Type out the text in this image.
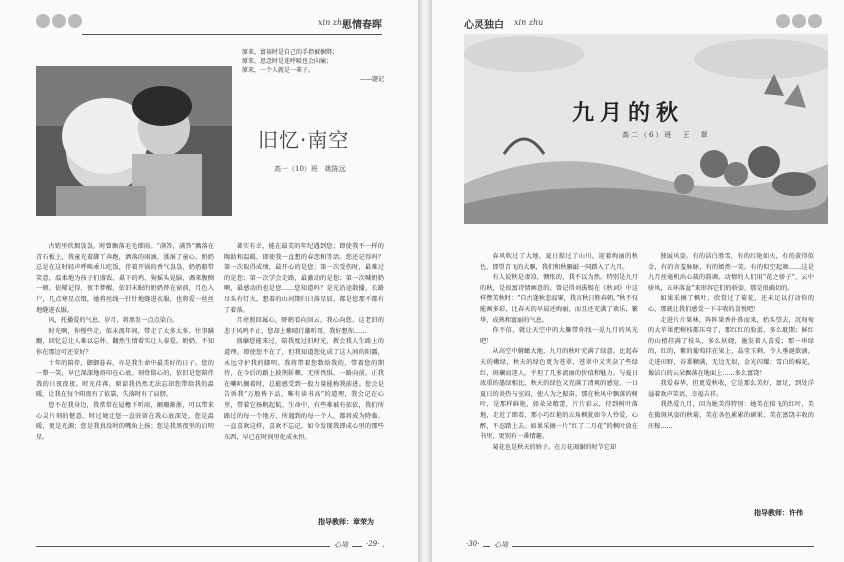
xin zhu
思情春晖
原来，富裕时是自己的手指被捆绑；
原来，思念时是连呼吸也会向痛；
原来，一个人就是一辈子。
——题记
旧忆·南空
高一（10）班　姚陈远

古销里炊烟袅袅，时曾飘落毛毛细雨。“满答，满答”溅落在青石板上，我童光着脚丫奔跑，洒落的雨滴，涨湿了童心。奶奶总是在这时轻声呼唤乖儿吃饭，伴着开锅的香气袅袅，奶奶船带笑意，温柔地为孩子们盛饭。桌下的鸡、狗摇头晃脑，调来腹侧一顿。依稀记得，夜半梦醒，依旧未眠的奶奶替在窗前，月色入户，几点寒星点缀，她将丝线一针针地缝进衣服，也将爱一丝丝地缝进衣服。

风，托播爱的气息，岁月，将黑发一点点染白。

时光啊，你慢些走，似未流年间，带走了太多太多。往事蹒跚，回忆总让人难以忘怀，翻然生情着实让人泰爱。奶奶，不知你在那边可还安好？

十年的陪伴，御御暮春，亦是我生命中最美好的日子。您的一颦一笑，早已深深地烙印在心底。刻骨铭心的，依旧是您陪伴我的日夜夜夜。时光荏苒，原谅我仍然无法忘却您带给我的温暖，让我在每个阳夜有了依靠，失落时有了肩膀。

您不在我身边，我常常在屋檐下听雨，阑珊渐浙，可以带来心灵片刻的惬意。时过境迁您一直驻留在我心底深处，您是温暖，更是光源；您是我真没时的嘴角上扬；您是我黑夜里的启明星。

著实有幸，能在最美的年纪遇到您；即使我不一样的陶助和温暖，即使我一直想的春恋和等活。您还记得吗？第一次取得成绩，最开心的是您；第一次受伤时，最难过的是您；第一次学会走路，最激动的是您；第一次喊奶奶啊，最感动的也是您……您知道吗？是光沿途散播，长路尽头有灯火。想着的山河期归日落星辰，都是您那不都有了着落。

月亮照回属心，野鹤看向回云，我心向您。这老旧的悲于风鸣不止，您却上紫晴行潮听哥，我好想你……

盛蘼您能来过，陪我度过旧时光，教会我人生路上的道理。即使您不在了，但我知道您化成了这人间的阳露，永远守护我的脚明。我将带着您数给我的，带着您的期待，在今后的路上披荆斩棘，无所畏惧，一路向前。正我在喇叭搁着时，总能感受到一股力量能梅我前进。您会是告诉我“万般皆下品，唯有读书高”的道理，我会记在心里，带着它扬帆起航。生命中，有些难被有依依，我们所路过的每一个地方，所遇到的每一个人，都将成为降临。一直喜欢这样，喜欢不忘记，如今发现我即成心里的那些东西，早已在时间里化成永恒。

指导教师：章荣为
心境	·29·
心灵独白 xin zhu
九月的秋
高二（6）班　王　翠

春风吹过了大地，夏日掠过了山川。迎着绚丽的秋色，即望青飞的大雁，我们和秋雁敲一同踏入了九月。

有人说秋是凄凉，惆怅的，我不以为然。特别是九月的秋，是很富诗情画意的。曾记得刘禹锡在《秋词》中这样赞美秋时：“自古逢秋悲寂寥，我言秋日胜春朝。”秋不仅能画多彩，比春天的早晨还绚丽，而且还充满了欢乐，繁华，成熟和富丽的气息。

你不信，就让天空中的大雁带你找一觅九月的风光吧！

从高空中俯瞰大地，九月的秋叶充满了绿意。比起春天的嫩绿，秋天的绿色更为苍翠，苍翠中又夹杂了些绿红，斑斓而迷人。平坦了几多流丽的价值和魅力。与夏日浓重的墨绿相比，秋天的绿色又充满了清爽的感觉，一日夏日的炎热与室闷，使人为之振奋。那在秋风中飘落的树叶，是那样鲜艳，如朵朵精蕾，片片彩云，待到树叶落地，走近了细看，那小巧红艳的五角枫犹如今人怜爱，心醉，不忍踏上去。如果采摘一片“红了二月花”的枫叶放在书里，更别有一番情趣。

菊花也是秋天的娇子。在万花凋谢的时节它却

独展风姿。有的洁白胜雪，有的红艳如火，有的黄得似金，有的含羞脉脉，有的嫣然一笑。有的似空起舞……这是九月丝毫机出心裁的韵调。动情的人们用“花之骄子”、云中骄凤，五环落盆”来形容它们的骄姿，那是很确切的。

如果采摘了枫叶，欣赏过了菊花，还未足以打动你的心，那就让我们感受一下丰收的喜悦吧！

走进片片果林，阵阵果香扑鼻而来，抬头望去，沉甸甸的大苹果把树枝都压弯了，那红红的脸蛋，多么耽期；鲜红的山楂挂满了枝头，多么妖娆，施发着人喜爱；那一串绿的，红的，紫的葡萄挂在果上，晶莹玉剩，令人垂涎欲滴。走进田野，谷黍颗满，无边无垠，金光闪耀；雪白的棉花，像洁白的云朵飘落在地面上……多么富饶！

我爱春华，但更爱秋收，它是那么美好，富足，到处洋溢着欢声笑语，幸福吉祥。

我热爱九月，因为她美得特别：她美在掠飞的红叶，美在傲斑风姿的秋菊，美在各色累累的硕果，美在富饶丰收的庄稼……

指导教师：许伟
·30·	心境
